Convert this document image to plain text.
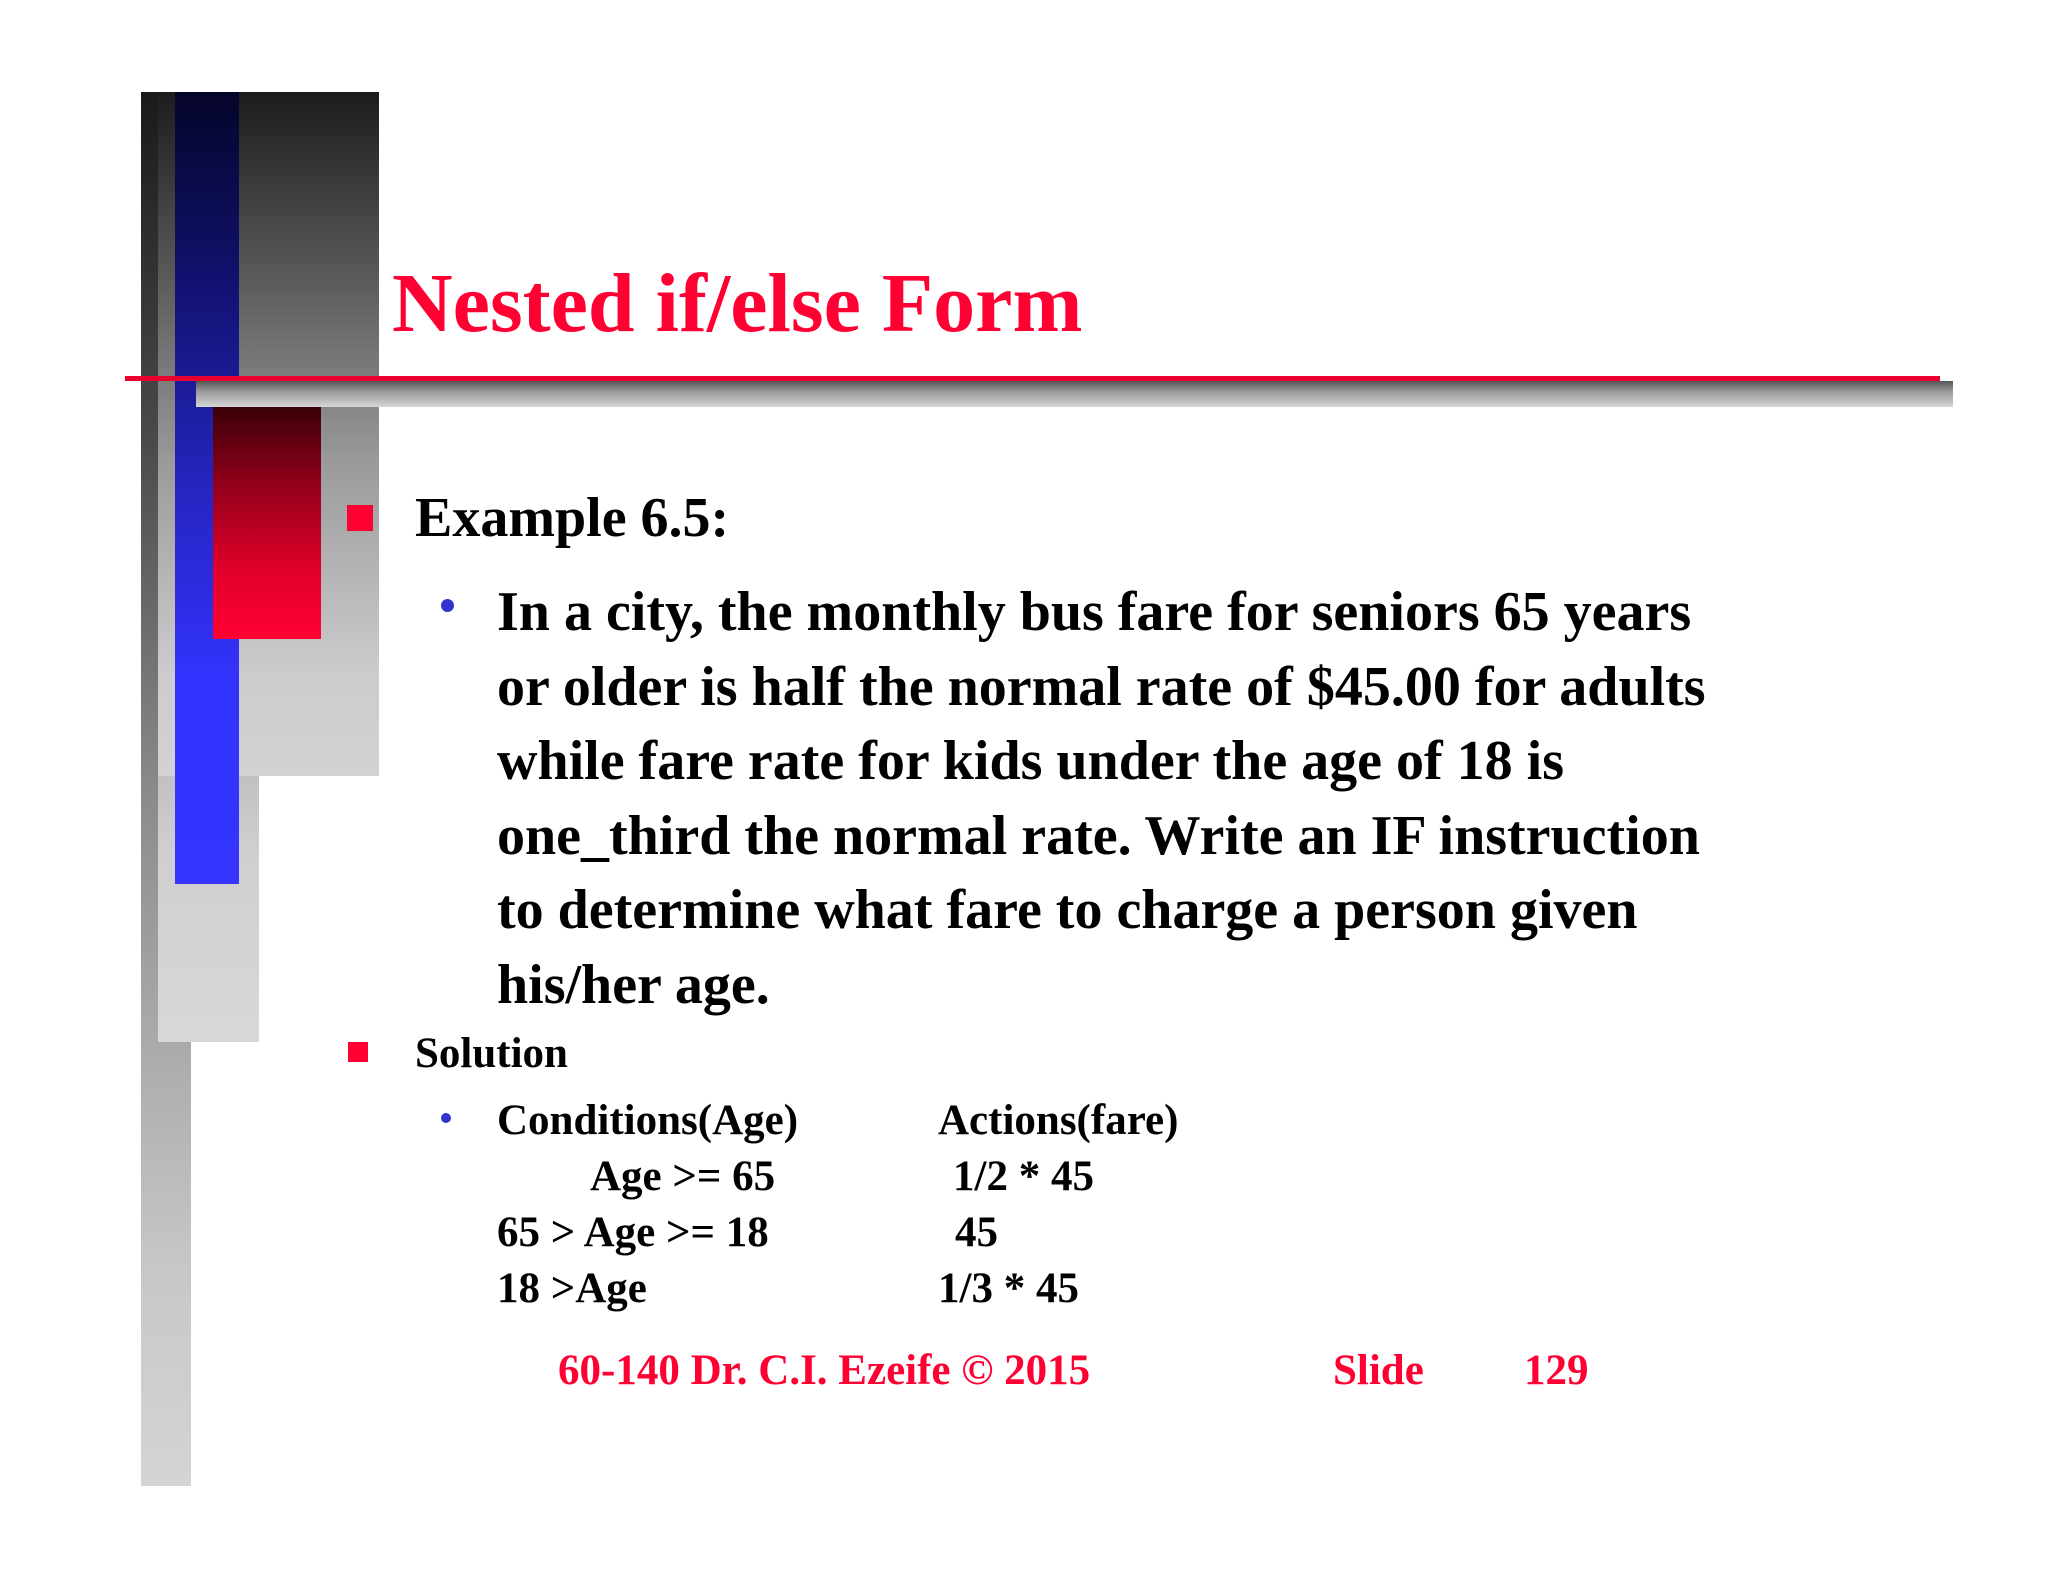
Nested if/else Form
Example 6.5:
In a city, the monthly bus fare for seniors 65 years
or older is half the normal rate of $45.00 for adults
while fare rate for kids under the age of 18 is
one_third the normal rate. Write an IF instruction
to determine what fare to charge a person given
his/her age.
Solution
Conditions(Age)	Actions(fare)
Age >= 65	1/2 * 45
65 > Age >= 18	45
18 >Age	1/3 * 45
60-140 Dr. C.I. Ezeife © 2015	Slide 129
